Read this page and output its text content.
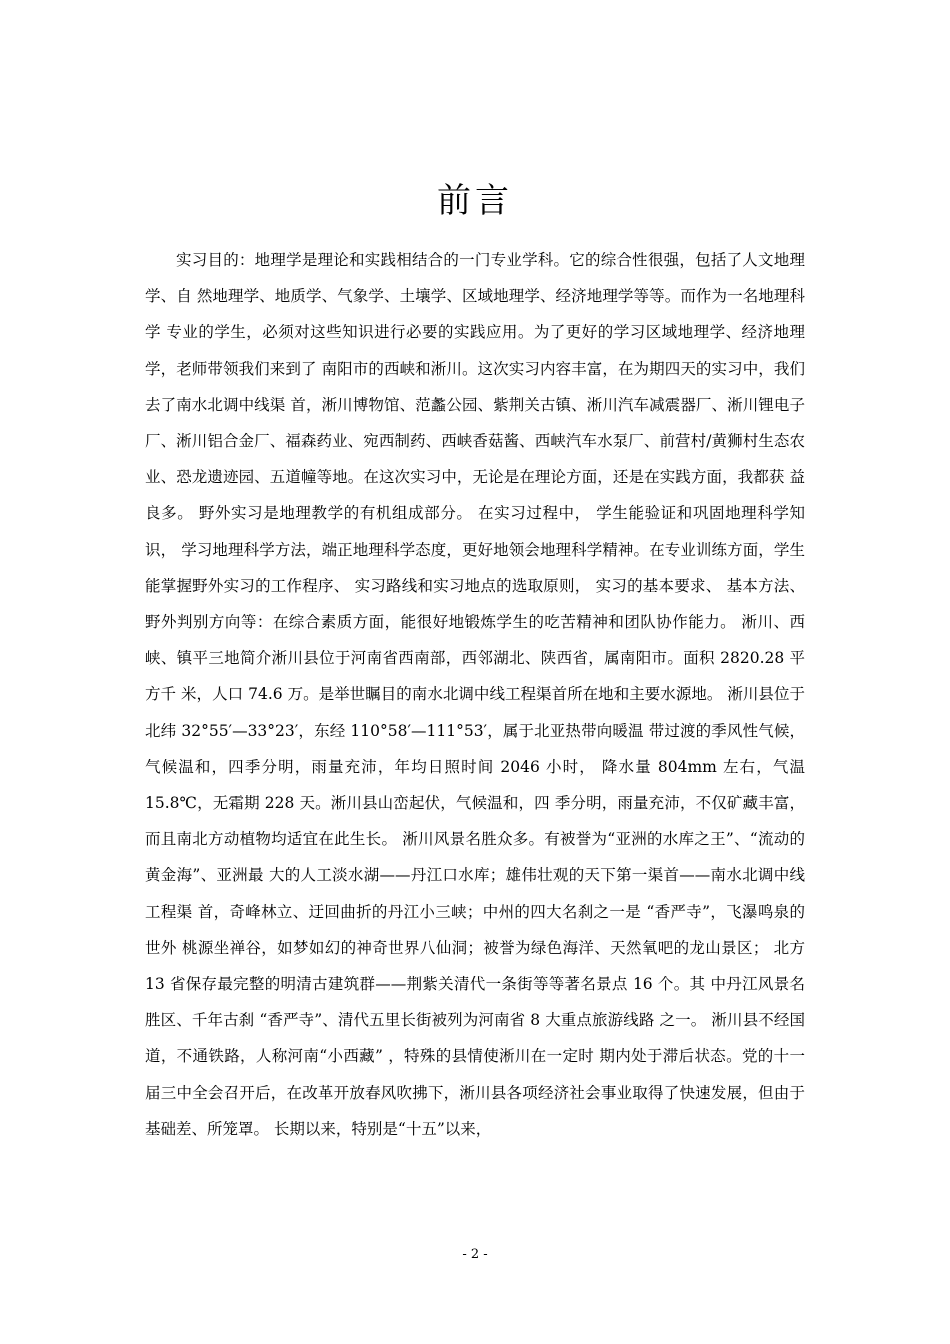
前言

实习目的：地理学是理论和实践相结合的一门专业学科。它的综合性很强，包括了人文地理学、自 然地理学、地质学、气象学、土壤学、区域地理学、经济地理学等等。而作为一名地理科学 专业的学生，必须对这些知识进行必要的实践应用。为了更好的学习区域地理学、经济地理学，老师带领我们来到了 南阳市的西峡和淅川。这次实习内容丰富，在为期四天的实习中，我们去了南水北调中线渠 首，淅川博物馆、范蠡公园、紫荆关古镇、淅川汽车减震器厂、淅川锂电子厂、淅川铝合金厂、福森药业、宛西制药、西峡香菇酱、西峡汽车水泵厂、前营村/黄狮村生态农业、恐龙遗迹园、五道幢等地。在这次实习中，无论是在理论方面，还是在实践方面，我都获 益良多。 野外实习是地理教学的有机组成部分。 在实习过程中， 学生能验证和巩固地理科学知识， 学习地理科学方法，端正地理科学态度，更好地领会地理科学精神。在专业训练方面，学生 能掌握野外实习的工作程序、 实习路线和实习地点的选取原则， 实习的基本要求、 基本方法、 野外判别方向等：在综合素质方面，能很好地锻炼学生的吃苦精神和团队协作能力。 淅川、西峡、镇平三地简介淅川县位于河南省西南部，西邻湖北、陕西省，属南阳市。面积 2820.28 平方千 米，人口 74.6 万。是举世瞩目的南水北调中线工程渠首所在地和主要水源地。 淅川县位于北纬 32°55′—33°23′，东经 110°58′—111°53′，属于北亚热带向暖温 带过渡的季风性气候，气候温和，四季分明，雨量充沛，年均日照时间 2046 小时， 降水量 804mm 左右，气温 15.8℃，无霜期 228 天。淅川县山峦起伏，气候温和，四 季分明，雨量充沛，不仅矿藏丰富，而且南北方动植物均适宜在此生长。 淅川风景名胜众多。有被誉为“亚洲的水库之王”、“流动的黄金海”、亚洲最 大的人工淡水湖——丹江口水库；雄伟壮观的天下第一渠首——南水北调中线工程渠 首，奇峰林立、迂回曲折的丹江小三峡；中州的四大名刹之一是 “香严寺”，飞瀑鸣泉的世外 桃源坐禅谷，如梦如幻的神奇世界八仙洞；被誉为绿色海洋、天然氧吧的龙山景区； 北方 13 省保存最完整的明清古建筑群——荆紫关清代一条街等等著名景点 16 个。其 中丹江风景名胜区、千年古刹 “香严寺”、清代五里长街被列为河南省 8 大重点旅游线路 之一。 淅川县不经国道，不通铁路，人称河南“小西藏” ，特殊的县情使淅川在一定时 期内处于滞后状态。党的十一届三中全会召开后，在改革开放春风吹拂下，淅川县各项经济社会事业取得了快速发展，但由于基础差、所笼罩。 长期以来，特别是“十五”以来，

- 2 -
